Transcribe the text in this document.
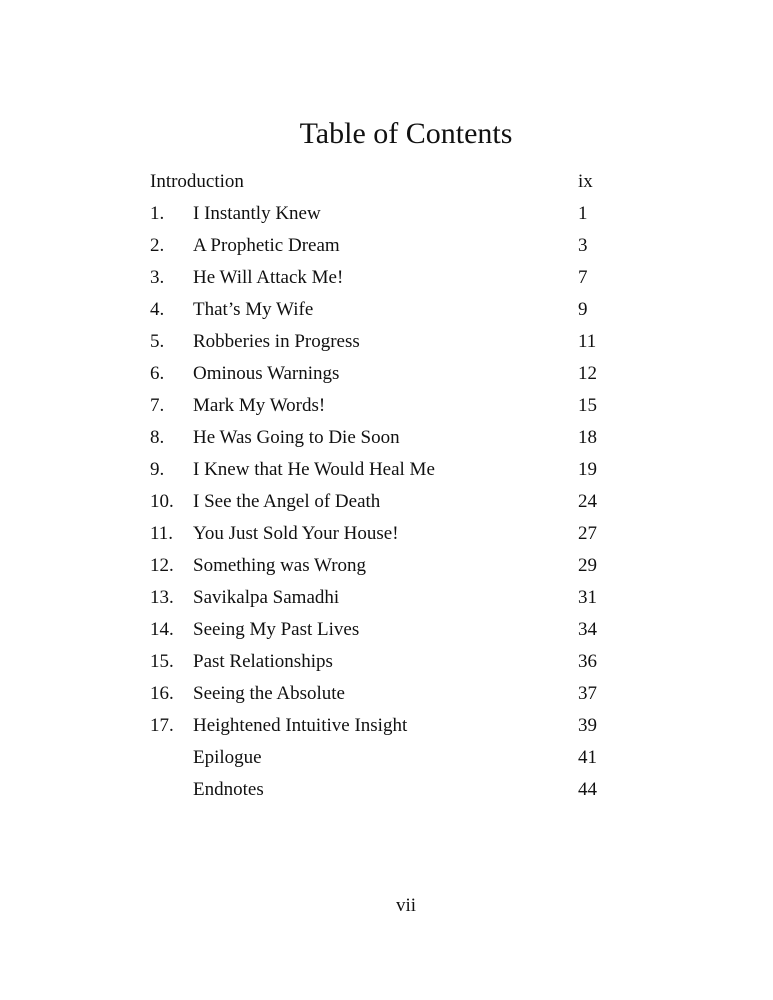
Table of Contents
Introduction	ix
1. I Instantly Knew	1
2. A Prophetic Dream	3
3. He Will Attack Me!	7
4. That’s My Wife	9
5. Robberies in Progress	11
6. Ominous Warnings	12
7. Mark My Words!	15
8. He Was Going to Die Soon	18
9. I Knew that He Would Heal Me	19
10. I See the Angel of Death	24
11. You Just Sold Your House!	27
12. Something was Wrong	29
13. Savikalpa Samadhi	31
14. Seeing My Past Lives	34
15. Past Relationships	36
16. Seeing the Absolute	37
17. Heightened Intuitive Insight	39
Epilogue	41
Endnotes	44
vii
